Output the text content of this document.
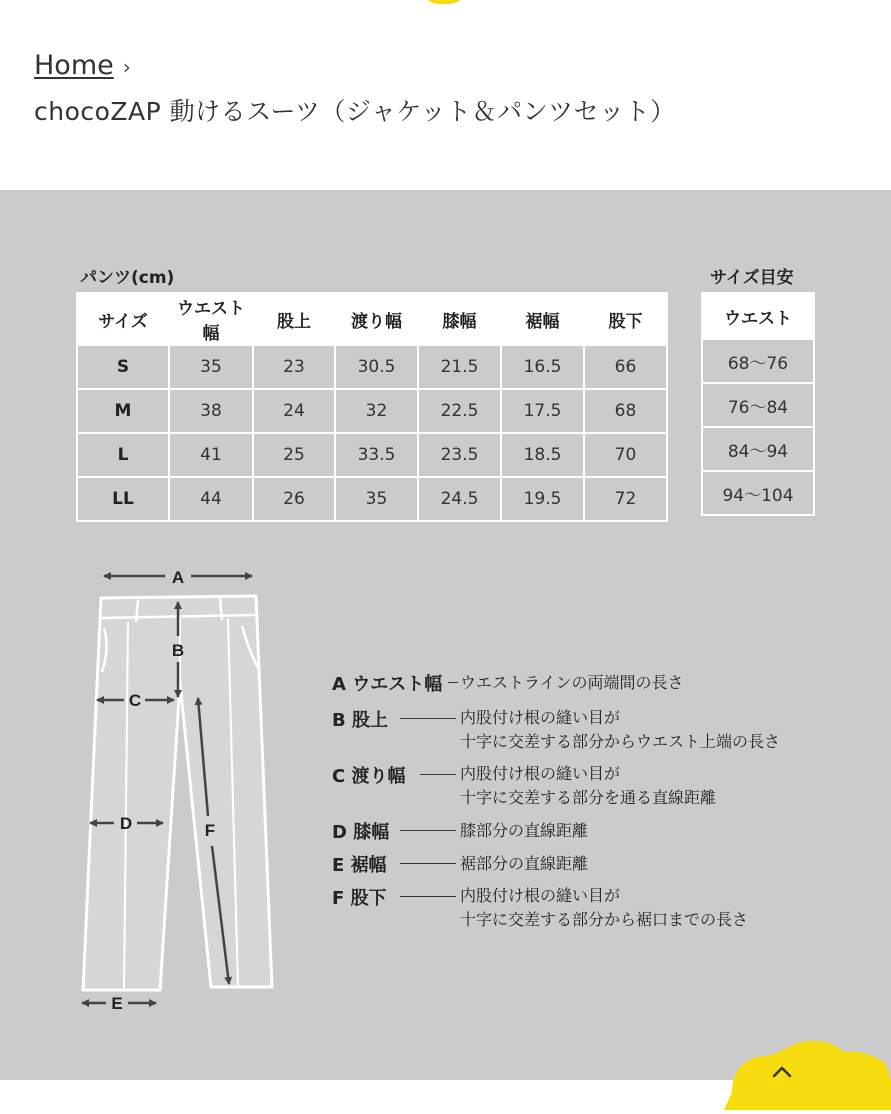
Home ›
chocoZAP 動けるスーツ（ジャケット＆パンツセット）
パンツ(cm)	サイズ目安
サイズ	ウエスト幅	股上	渡り幅	膝幅	裾幅	股下
S	35	23	30.5	21.5	16.5	66
M	38	24	32	22.5	17.5	68
L	41	25	33.5	23.5	18.5	70
LL	44	26	35	24.5	19.5	72
ウエスト
68〜76
76〜84
84〜94
94〜104
A
B
C
D
E
F
A ウエスト幅 ウエストラインの両端間の長さ
B 股上	内股付け根の縫い目が
十字に交差する部分からウエスト上端の長さ
C 渡り幅	内股付け根の縫い目が
十字に交差する部分を通る直線距離
D 膝幅	膝部分の直線距離
E 裾幅	裾部分の直線距離
F 股下	内股付け根の縫い目が
十字に交差する部分から裾口までの長さ
